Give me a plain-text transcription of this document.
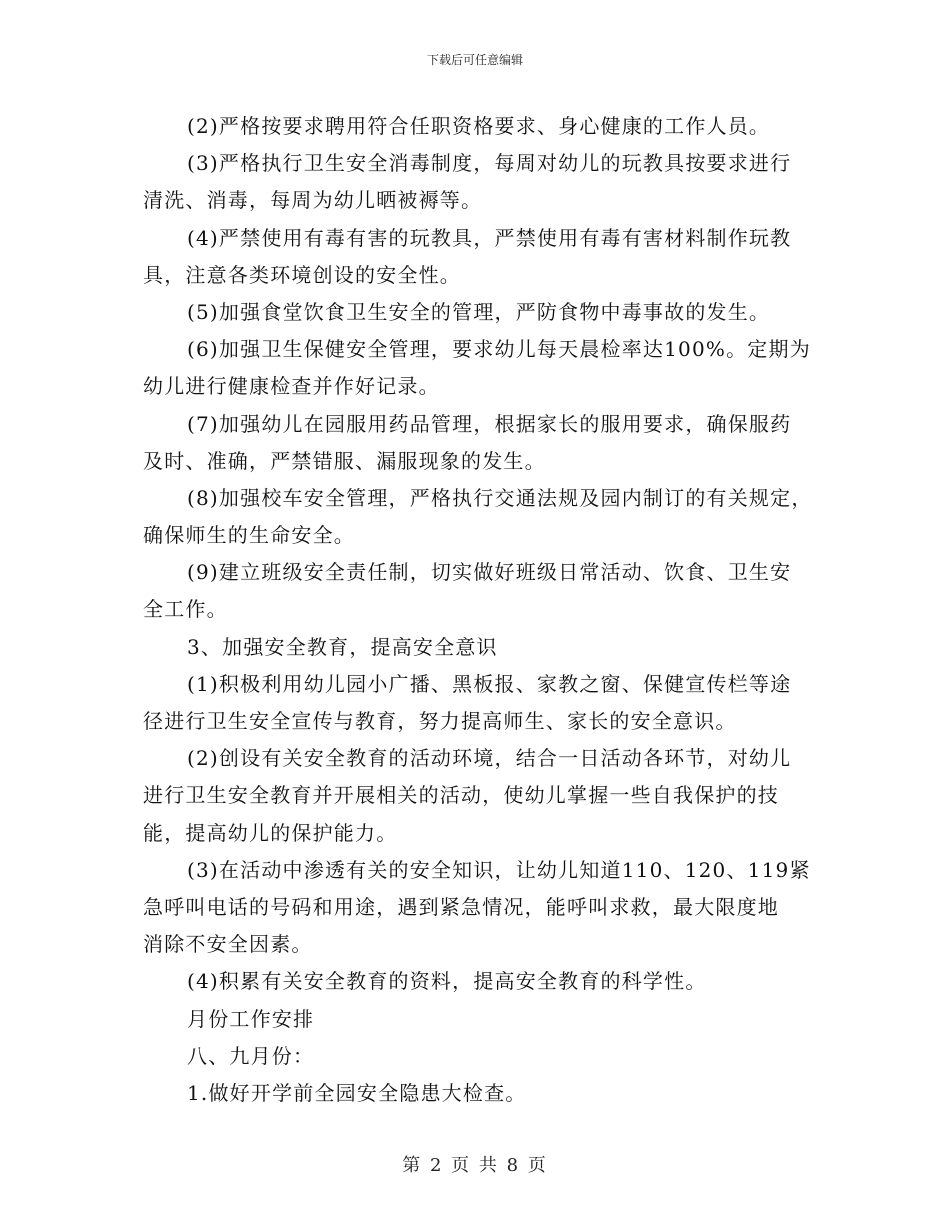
下载后可任意编辑
(2)严格按要求聘用符合任职资格要求、身心健康的工作人员。
(3)严格执行卫生安全消毒制度，每周对幼儿的玩教具按要求进行
清洗、消毒，每周为幼儿晒被褥等。
(4)严禁使用有毒有害的玩教具，严禁使用有毒有害材料制作玩教
具，注意各类环境创设的安全性。
(5)加强食堂饮食卫生安全的管理，严防食物中毒事故的发生。
(6)加强卫生保健安全管理，要求幼儿每天晨检率达100%。定期为
幼儿进行健康检查并作好记录。
(7)加强幼儿在园服用药品管理，根据家长的服用要求，确保服药
及时、准确，严禁错服、漏服现象的发生。
(8)加强校车安全管理，严格执行交通法规及园内制订的有关规定，
确保师生的生命安全。
(9)建立班级安全责任制，切实做好班级日常活动、饮食、卫生安
全工作。
3、加强安全教育，提高安全意识
(1)积极利用幼儿园小广播、黑板报、家教之窗、保健宣传栏等途
径进行卫生安全宣传与教育，努力提高师生、家长的安全意识。
(2)创设有关安全教育的活动环境，结合一日活动各环节，对幼儿
进行卫生安全教育并开展相关的活动，使幼儿掌握一些自我保护的技
能，提高幼儿的保护能力。
(3)在活动中渗透有关的安全知识，让幼儿知道110、120、119紧
急呼叫电话的号码和用途，遇到紧急情况，能呼叫求救，最大限度地
消除不安全因素。
(4)积累有关安全教育的资料，提高安全教育的科学性。
月份工作安排
八、九月份：
1.做好开学前全园安全隐患大检查。
第 2 页 共 8 页
